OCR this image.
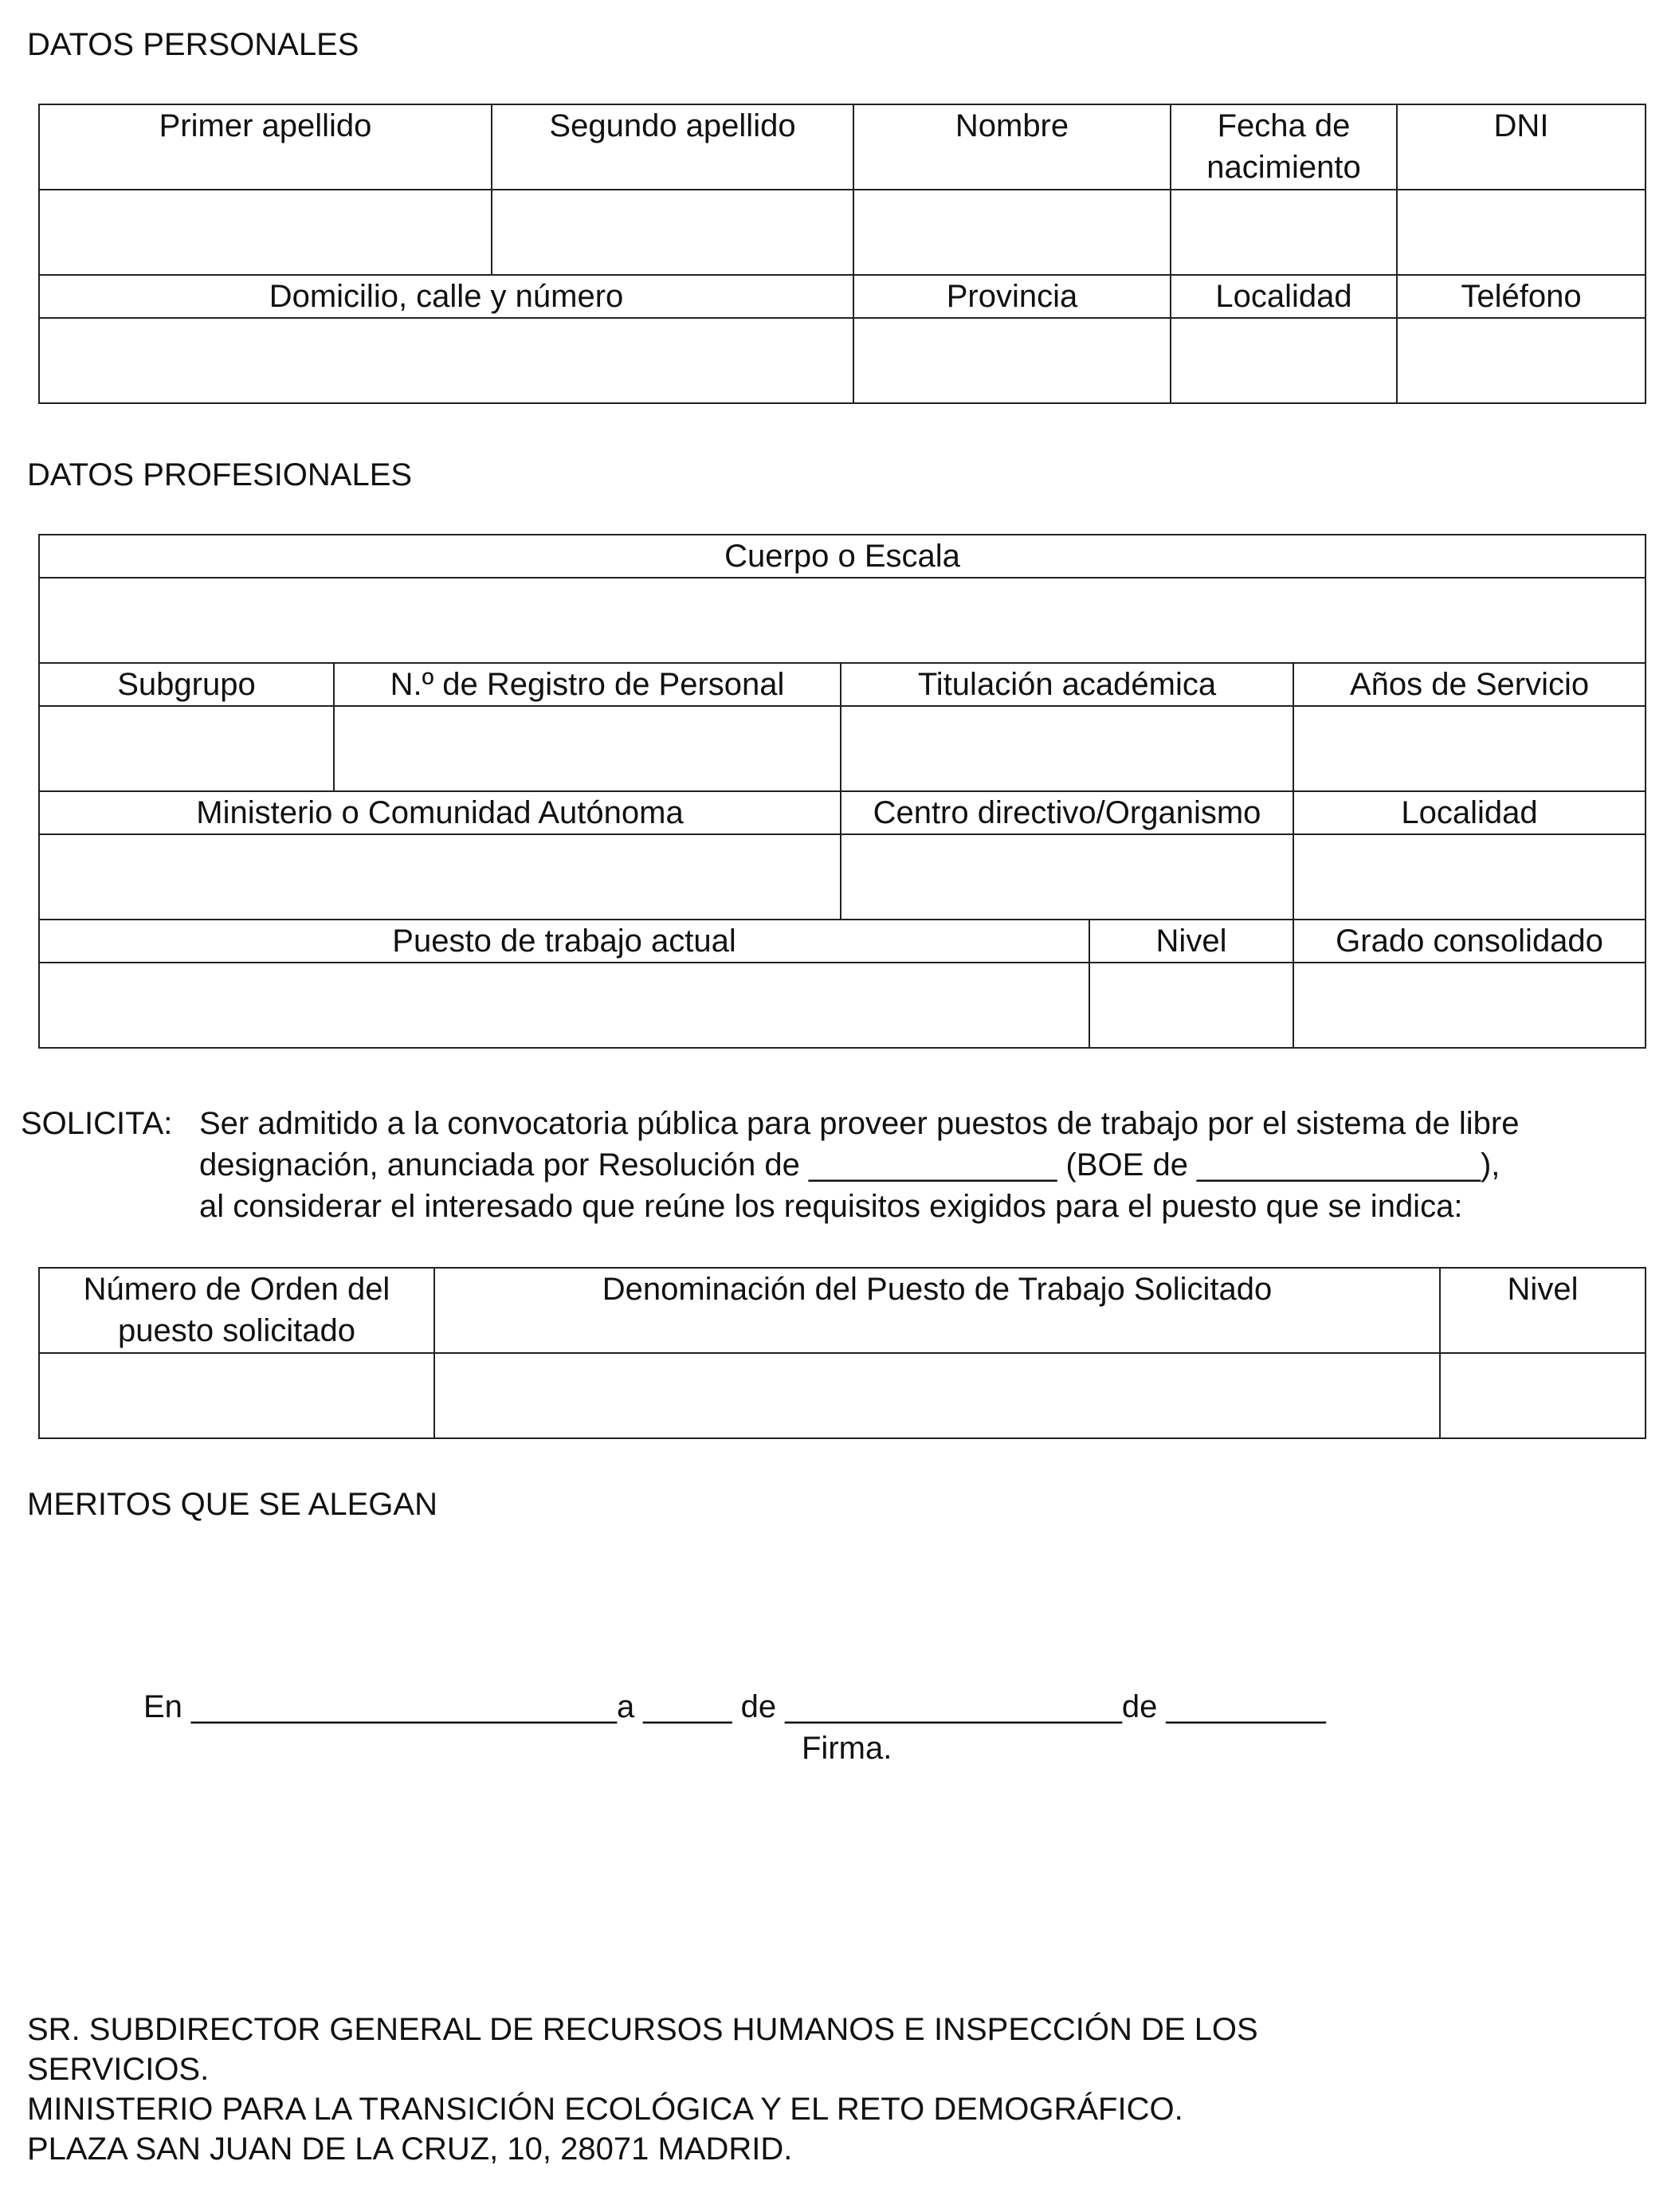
DATOS PERSONALES
Primer apellido	Segundo apellido	Nombre	Fecha de nacimiento	DNI

Domicilio, calle y número		Provincia	Localidad	Teléfono

DATOS PROFESIONALES
Cuerpo o Escala				

Subgrupo	N.º de Registro de Personal	Titulación académica		Años de Servicio

Ministerio o Comunidad Autónoma		Centro directivo/Organismo		Localidad

Puesto de trabajo actual			Nivel	Grado consolidado

SOLICITA: Ser admitido a la convocatoria pública para proveer puestos de trabajo por el sistema de libre
designación, anunciada por Resolución de ______________ (BOE de ________________),
al considerar el interesado que reúne los requisitos exigidos para el puesto que se indica:
Número de Orden del puesto solicitado	Denominación del Puesto de Trabajo Solicitado	Nivel

MERITOS QUE SE ALEGAN
En ________________________a _____ de ___________________de _________
Firma.
SR. SUBDIRECTOR GENERAL DE RECURSOS HUMANOS E INSPECCIÓN DE LOS
SERVICIOS.
MINISTERIO PARA LA TRANSICIÓN ECOLÓGICA Y EL RETO DEMOGRÁFICO.
PLAZA SAN JUAN DE LA CRUZ, 10, 28071 MADRID.
